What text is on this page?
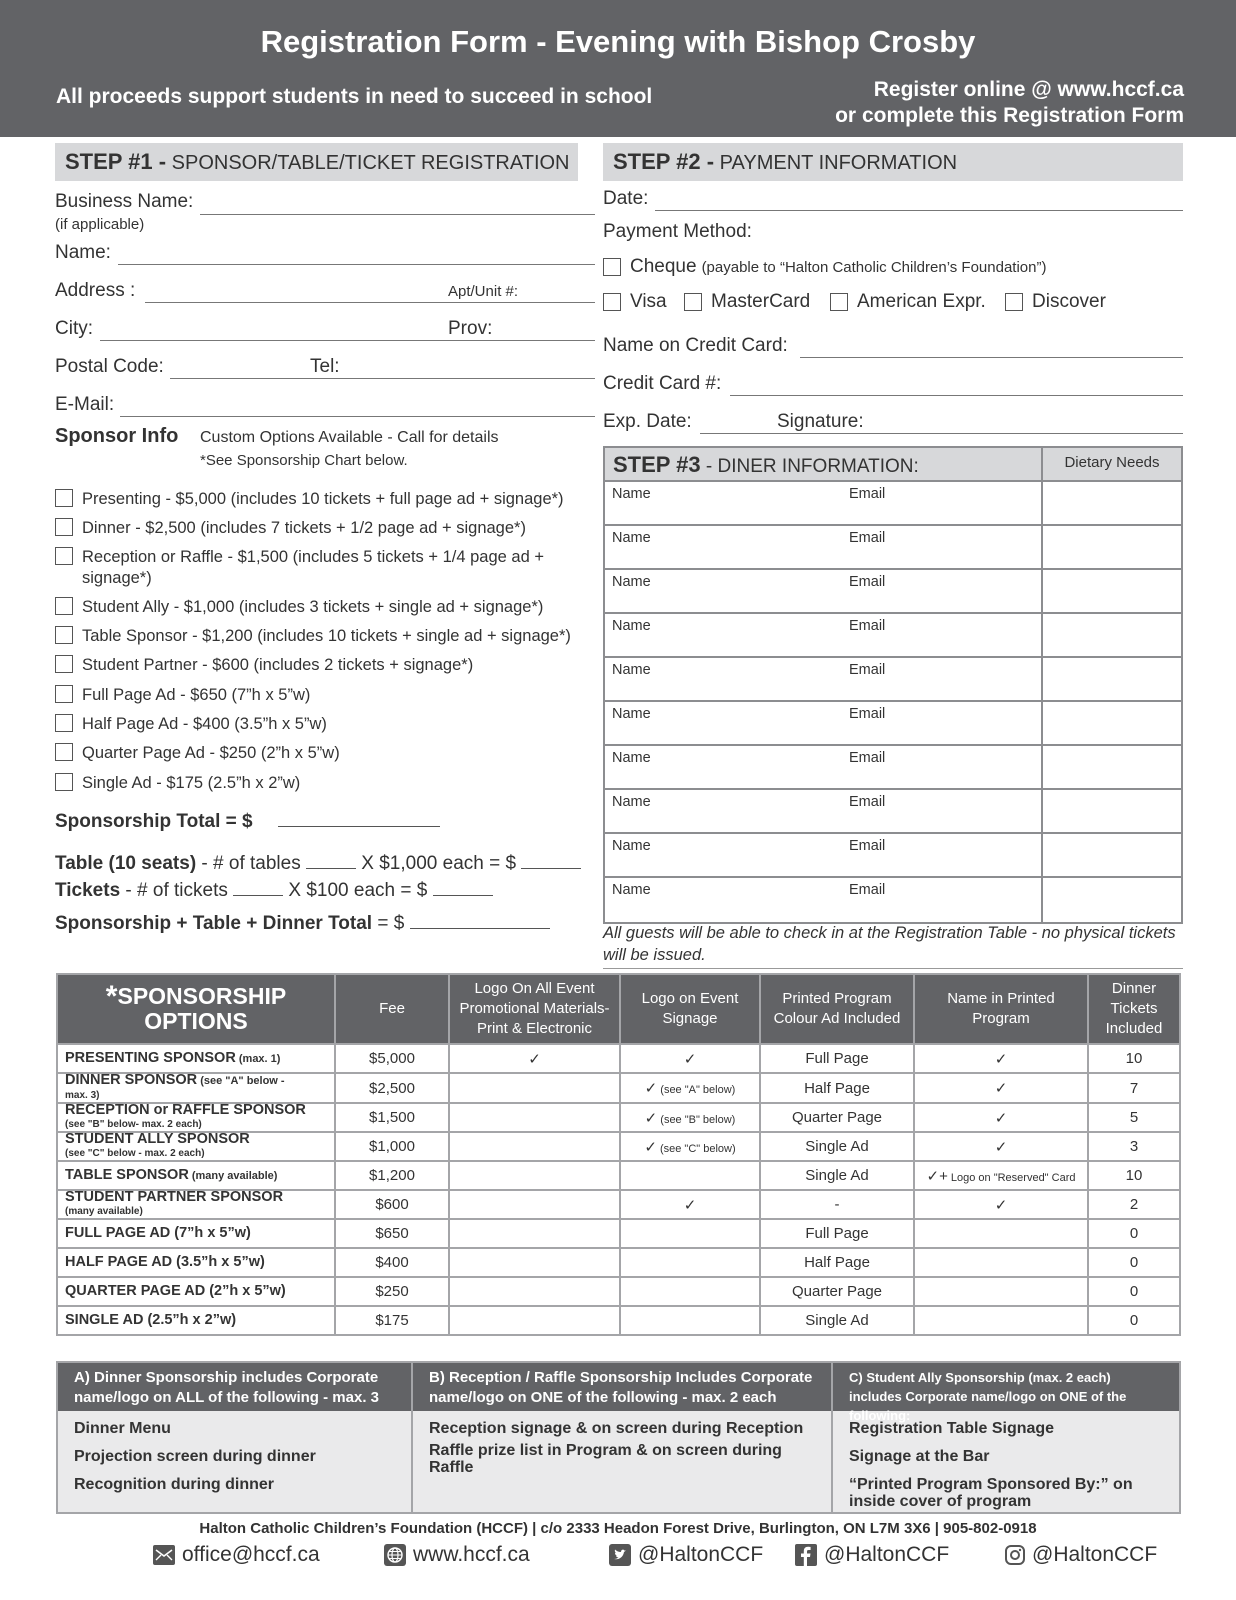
Registration Form - Evening with Bishop Crosby
All proceeds support students in need to succeed in school	Register online @ www.hccf.ca
or complete this Registration Form
STEP #1 - SPONSOR/TABLE/TICKET REGISTRATION
Business Name:
(if applicable)
Name:
Address :	Apt/Unit #:
City:	Prov:
Postal Code:	Tel:
E-Mail:
Sponsor Info Custom Options Available - Call for details
*See Sponsorship Chart below.
Presenting - $5,000 (includes 10 tickets + full page ad + signage*)
Dinner - $2,500 (includes 7 tickets + 1/2 page ad + signage*)
Reception or Raffle - $1,500 (includes 5 tickets + 1/4 page ad + signage*)
Student Ally - $1,000 (includes 3 tickets + single ad + signage*)
Table Sponsor - $1,200 (includes 10 tickets + single ad + signage*)
Student Partner - $600 (includes 2 tickets + signage*)
Full Page Ad - $650 (7”h x 5”w)
Half Page Ad - $400 (3.5”h x 5”w)
Quarter Page Ad - $250 (2”h x 5”w)
Single Ad - $175 (2.5”h x 2”w)
Sponsorship Total = $
Table (10 seats) - # of tables	X $1,000 each = $
Tickets - # of tickets	X $100 each = $
Sponsorship + Table + Dinner Total = $
STEP #2 - PAYMENT INFORMATION
Date:
Payment Method:
Cheque (payable to “Halton Catholic Children’s Foundation”)
Visa MasterCard American Expr. Discover
Name on Credit Card:
Credit Card #:
Exp. Date:	Signature:
STEP #3 - DINER INFORMATION:	Dietary Needs
Name	Email
Name	Email
Name	Email
Name	Email
Name	Email
Name	Email
Name	Email
Name	Email
Name	Email
Name	Email
All guests will be able to check in at the Registration Table - no physical tickets will be issued.
*SPONSORSHIP
OPTIONS	Fee	Logo On All Event Promotional Materials- Print & Electronic	Logo on Event Signage	Printed Program Colour Ad Included	Name in Printed Program	Dinner Tickets Included
PRESENTING SPONSOR (max. 1)	$5,000	✓	✓	Full Page	✓	10
DINNER SPONSOR (see "A" below -
max. 3)	$2,500		✓ (see "A" below)	Half Page	✓	7
RECEPTION or RAFFLE SPONSOR
(see "B" below- max. 2 each)	$1,500		✓ (see "B" below)	Quarter Page	✓	5
STUDENT ALLY SPONSOR
(see "C" below - max. 2 each)	$1,000		✓ (see "C" below)	Single Ad	✓	3
TABLE SPONSOR (many available)	$1,200			Single Ad	✓+ Logo on "Reserved" Card	10
STUDENT PARTNER SPONSOR
(many available)	$600		✓	-	✓	2
FULL PAGE AD (7”h x 5”w)	$650			Full Page		0
HALF PAGE AD (3.5”h x 5”w)	$400			Half Page		0
QUARTER PAGE AD (2”h x 5”w)	$250			Quarter Page		0
SINGLE AD (2.5”h x 2”w)	$175			Single Ad		0
A) Dinner Sponsorship includes Corporate name/logo on ALL of the following - max. 3
Dinner Menu
Projection screen during dinner
Recognition during dinner
B) Reception / Raffle Sponsorship Includes Corporate name/logo on ONE of the following - max. 2 each
Reception signage & on screen during Reception
Raffle prize list in Program & on screen during Raffle
C) Student Ally Sponsorship (max. 2 each) includes Corporate name/logo on ONE of the following:
Registration Table Signage
Signage at the Bar
“Printed Program Sponsored By:” on inside cover of program
Halton Catholic Children’s Foundation (HCCF) | c/o 2333 Headon Forest Drive, Burlington, ON L7M 3X6 | 905-802-0918
office@hccf.ca	www.hccf.ca	@HaltonCCF	@HaltonCCF	@HaltonCCF
